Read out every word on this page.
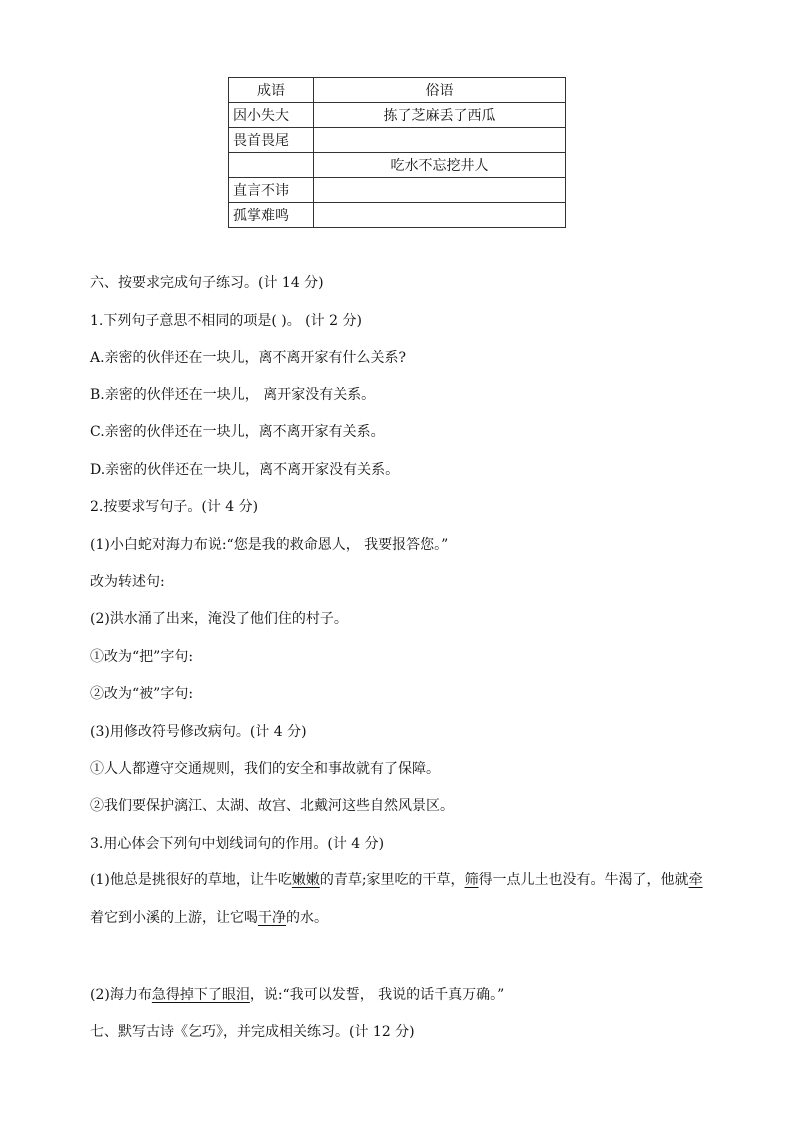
成语	俗语
因小失大	拣了芝麻丢了西瓜
畏首畏尾	
	吃水不忘挖井人
直言不讳	
孤掌难鸣	
六、按要求完成句子练习。(计 14 分)
1.下列句子意思不相同的项是( )。 (计 2 分)
A.亲密的伙伴还在一块儿，离不离开家有什么关系?
B.亲密的伙伴还在一块儿， 离开家没有关系。
C.亲密的伙伴还在一块儿，离不离开家有关系。
D.亲密的伙伴还在一块儿，离不离开家没有关系。
2.按要求写句子。(计 4 分)
(1)小白蛇对海力布说:“您是我的救命恩人， 我要报答您。”
改为转述句:
(2)洪水涌了出来，淹没了他们住的村子。
①改为“把”字句:
②改为“被”字句:
(3)用修改符号修改病句。(计 4 分)
①人人都遵守交通规则，我们的安全和事故就有了保障。
②我们要保护漓江、太湖、故宫、北戴河这些自然风景区。
3.用心体会下列句中划线词句的作用。(计 4 分)
(1)他总是挑很好的草地，让牛吃嫩嫩的青草;家里吃的干草，筛得一点儿土也没有。牛渴了，他就牵着它到小溪的上游，让它喝干净的水。
(2)海力布急得掉下了眼泪，说:“我可以发誓， 我说的话千真万确。”
七、默写古诗《乞巧》，并完成相关练习。(计 12 分)
